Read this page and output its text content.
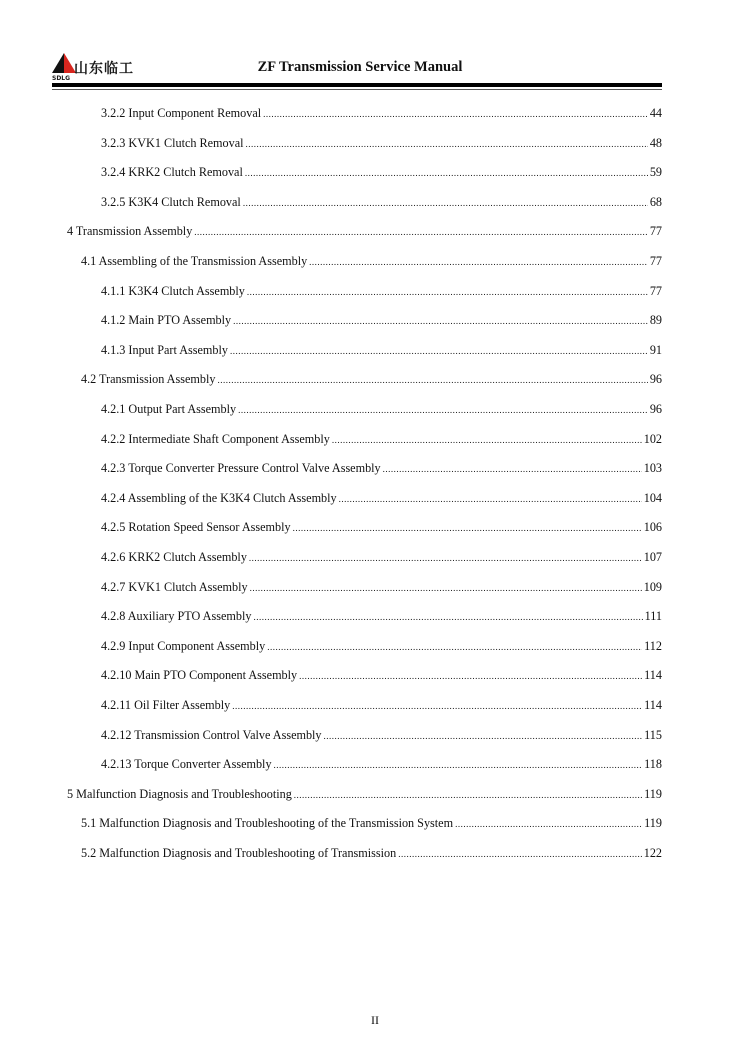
山东临工
SDLG
ZF Transmission Service Manual
3.2.2 Input Component Removal .....	44
3.2.3 KVK1 Clutch Removal .....	48
3.2.4 KRK2 Clutch Removal .....	59
3.2.5 K3K4 Clutch Removal .....	68
4 Transmission Assembly .....	77
4.1 Assembling of the Transmission Assembly .....	77
4.1.1 K3K4 Clutch Assembly .....	77
4.1.2 Main PTO Assembly .....	89
4.1.3 Input Part Assembly .....	91
4.2 Transmission Assembly .....	96
4.2.1 Output Part Assembly .....	96
4.2.2 Intermediate Shaft Component Assembly .....	102
4.2.3 Torque Converter Pressure Control Valve Assembly .....	103
4.2.4 Assembling of the K3K4 Clutch Assembly .....	104
4.2.5 Rotation Speed Sensor Assembly .....	106
4.2.6 KRK2 Clutch Assembly .....	107
4.2.7 KVK1 Clutch Assembly .....	109
4.2.8 Auxiliary PTO Assembly .....	111
4.2.9 Input Component Assembly .....	112
4.2.10 Main PTO Component Assembly .....	114
4.2.11 Oil Filter Assembly .....	114
4.2.12 Transmission Control Valve Assembly .....	115
4.2.13 Torque Converter Assembly .....	118
5 Malfunction Diagnosis and Troubleshooting .....	119
5.1 Malfunction Diagnosis and Troubleshooting of the Transmission System .....	119
5.2 Malfunction Diagnosis and Troubleshooting of Transmission .....	122
II
